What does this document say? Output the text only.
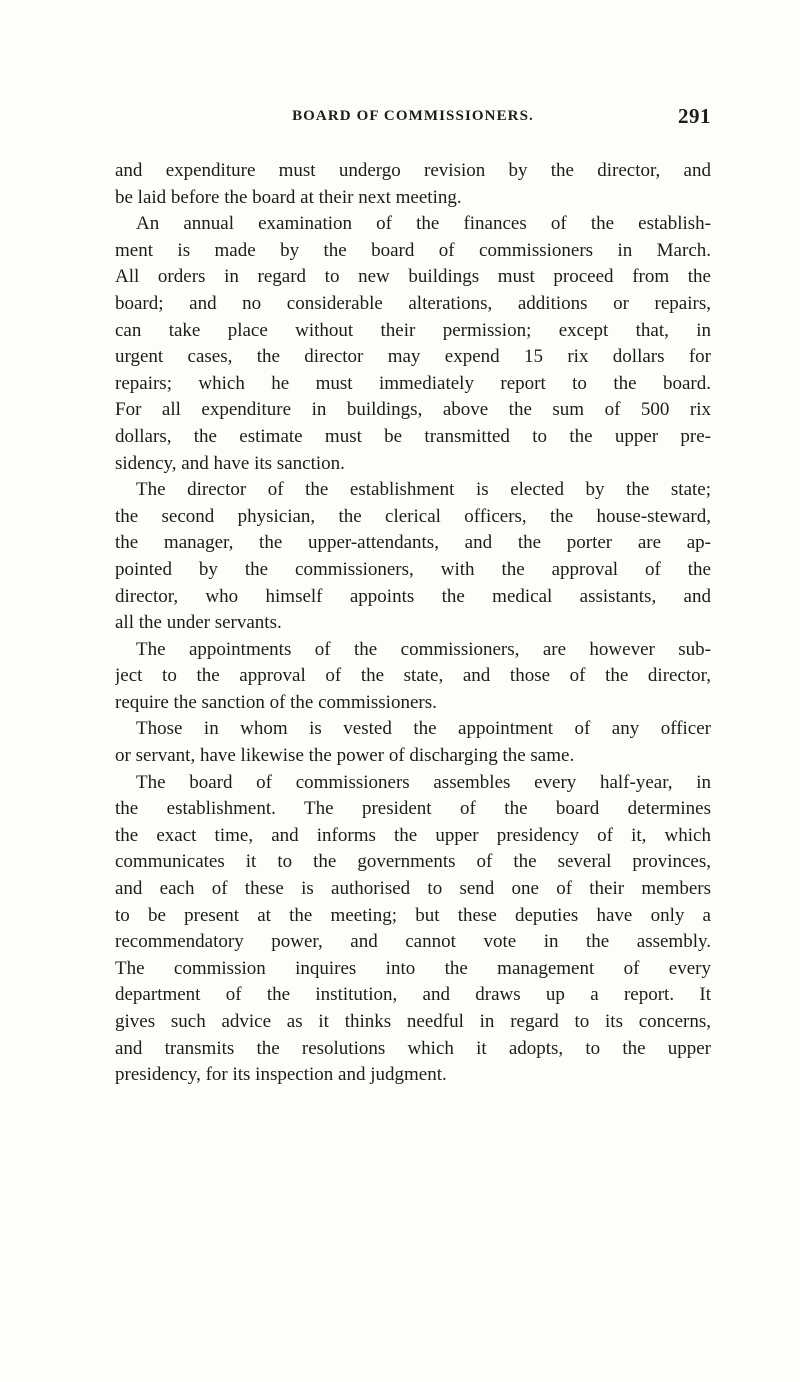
BOARD OF COMMISSIONERS.	291
and expenditure must undergo revision by the director, and
be laid before the board at their next meeting.
An annual examination of the finances of the establish-
ment is made by the board of commissioners in March.
All orders in regard to new buildings must proceed from the
board; and no considerable alterations, additions or repairs,
can take place without their permission; except that, in
urgent cases, the director may expend 15 rix dollars for
repairs; which he must immediately report to the board.
For all expenditure in buildings, above the sum of 500 rix
dollars, the estimate must be transmitted to the upper pre-
sidency, and have its sanction.
The director of the establishment is elected by the state;
the second physician, the clerical officers, the house-steward,
the manager, the upper-attendants, and the porter are ap-
pointed by the commissioners, with the approval of the
director, who himself appoints the medical assistants, and
all the under servants.
The appointments of the commissioners, are however sub-
ject to the approval of the state, and those of the director,
require the sanction of the commissioners.
Those in whom is vested the appointment of any officer
or servant, have likewise the power of discharging the same.
The board of commissioners assembles every half-year, in
the establishment. The president of the board determines
the exact time, and informs the upper presidency of it, which
communicates it to the governments of the several provinces,
and each of these is authorised to send one of their members
to be present at the meeting; but these deputies have only a
recommendatory power, and cannot vote in the assembly.
The commission inquires into the management of every
department of the institution, and draws up a report. It
gives such advice as it thinks needful in regard to its concerns,
and transmits the resolutions which it adopts, to the upper
presidency, for its inspection and judgment.
